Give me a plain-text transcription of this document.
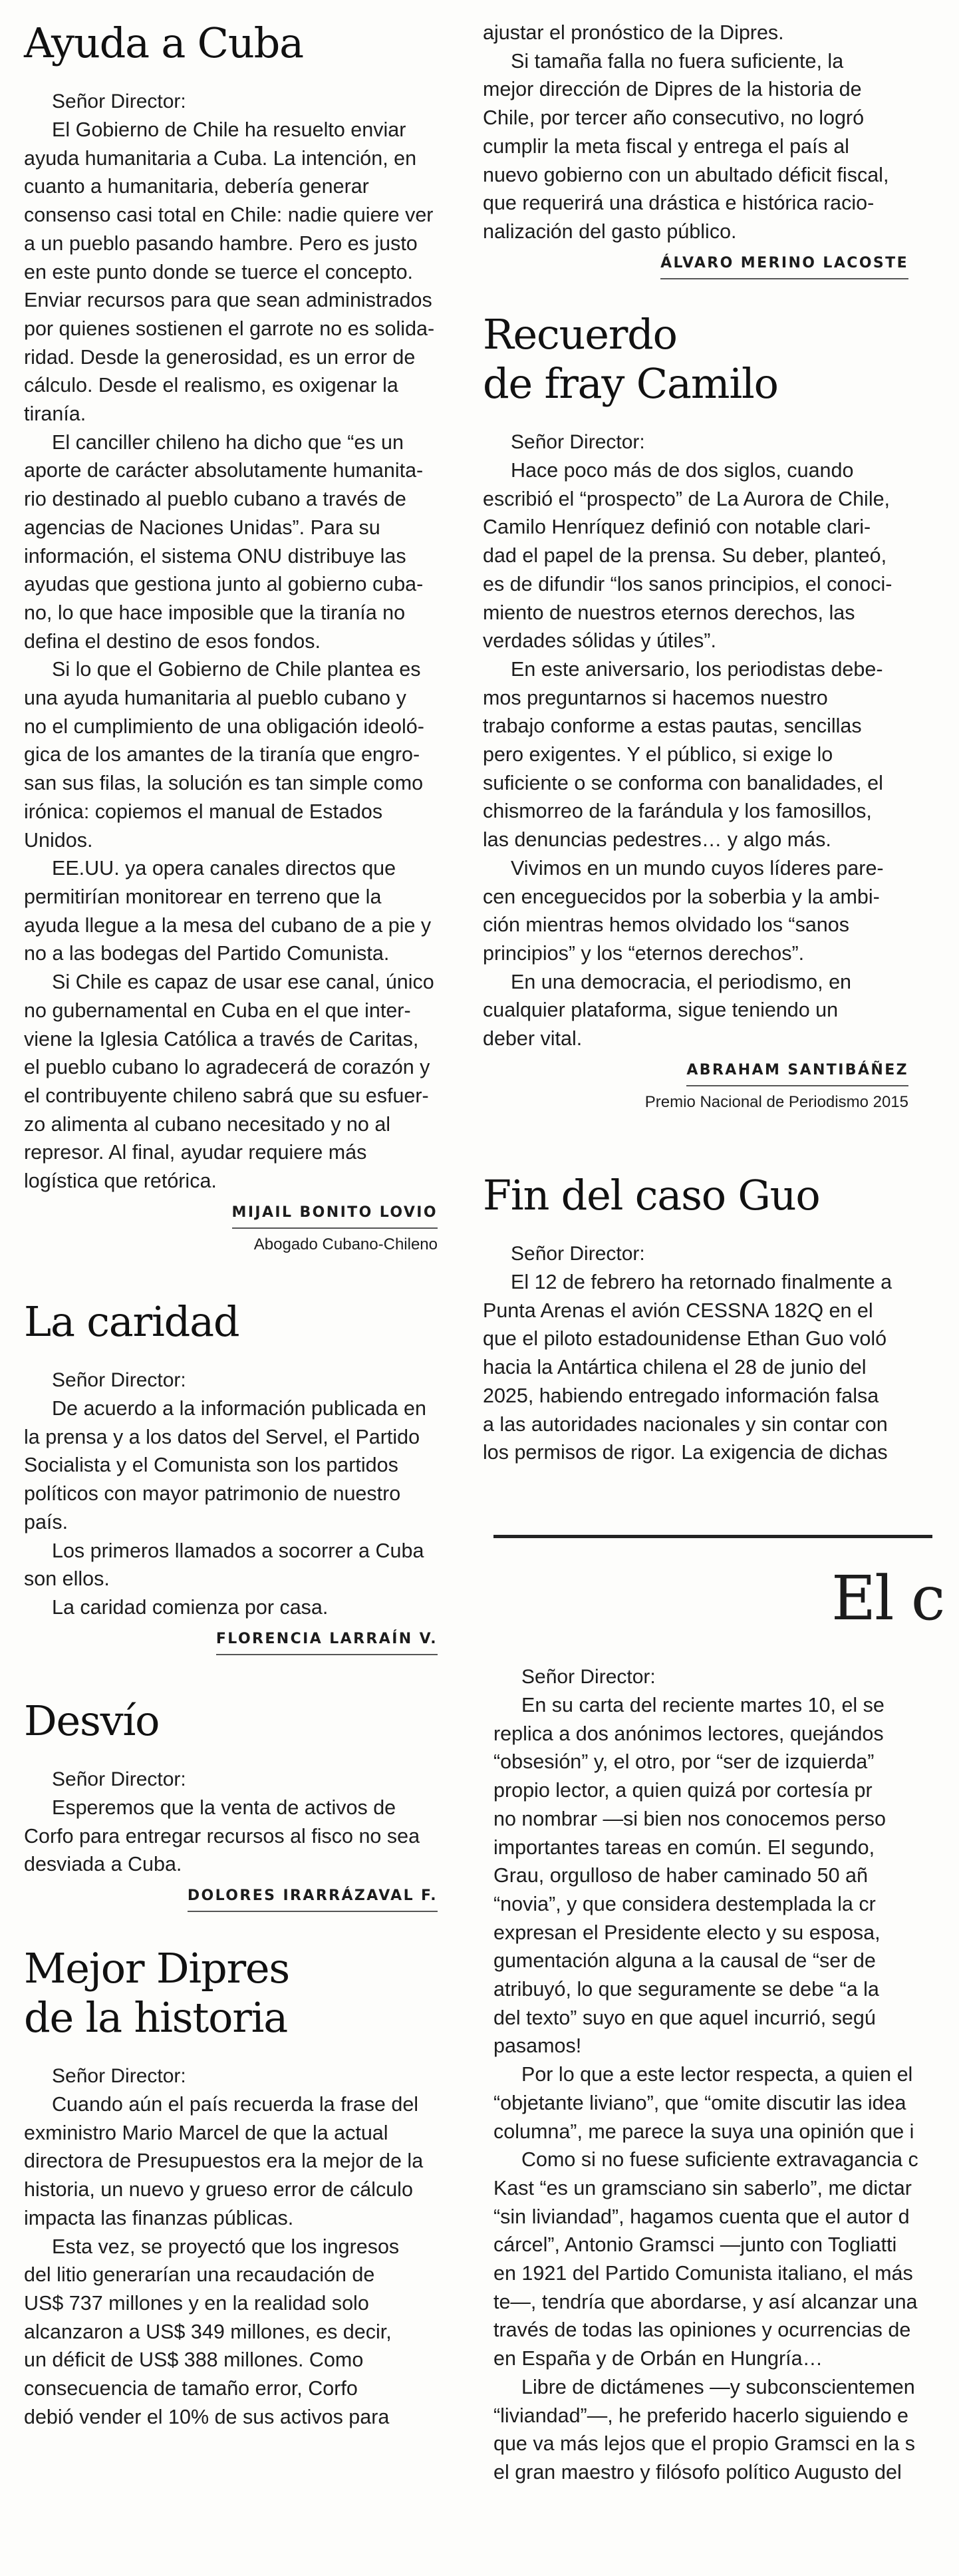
Ayuda a Cuba
Señor Director:
El Gobierno de Chile ha resuelto enviar
ayuda humanitaria a Cuba. La intención, en
cuanto a humanitaria, debería generar
consenso casi total en Chile: nadie quiere ver
a un pueblo pasando hambre. Pero es justo
en este punto donde se tuerce el concepto.
Enviar recursos para que sean administrados
por quienes sostienen el garrote no es solida-
ridad. Desde la generosidad, es un error de
cálculo. Desde el realismo, es oxigenar la
tiranía.
El canciller chileno ha dicho que “es un
aporte de carácter absolutamente humanita-
rio destinado al pueblo cubano a través de
agencias de Naciones Unidas”. Para su
información, el sistema ONU distribuye las
ayudas que gestiona junto al gobierno cuba-
no, lo que hace imposible que la tiranía no
defina el destino de esos fondos.
Si lo que el Gobierno de Chile plantea es
una ayuda humanitaria al pueblo cubano y
no el cumplimiento de una obligación ideoló-
gica de los amantes de la tiranía que engro-
san sus filas, la solución es tan simple como
irónica: copiemos el manual de Estados
Unidos.
EE.UU. ya opera canales directos que
permitirían monitorear en terreno que la
ayuda llegue a la mesa del cubano de a pie y
no a las bodegas del Partido Comunista.
Si Chile es capaz de usar ese canal, único
no gubernamental en Cuba en el que inter-
viene la Iglesia Católica a través de Caritas,
el pueblo cubano lo agradecerá de corazón y
el contribuyente chileno sabrá que su esfuer-
zo alimenta al cubano necesitado y no al
represor. Al final, ayudar requiere más
logística que retórica.
MIJAIL BONITO LOVIO
Abogado Cubano-Chileno
La caridad
Señor Director:
De acuerdo a la información publicada en
la prensa y a los datos del Servel, el Partido
Socialista y el Comunista son los partidos
políticos con mayor patrimonio de nuestro
país.
Los primeros llamados a socorrer a Cuba
son ellos.
La caridad comienza por casa.
FLORENCIA LARRAÍN V.
Desvío
Señor Director:
Esperemos que la venta de activos de
Corfo para entregar recursos al fisco no sea
desviada a Cuba.
DOLORES IRARRÁZAVAL F.
Mejor Dipres
de la historia
Señor Director:
Cuando aún el país recuerda la frase del
exministro Mario Marcel de que la actual
directora de Presupuestos era la mejor de la
historia, un nuevo y grueso error de cálculo
impacta las finanzas públicas.
Esta vez, se proyectó que los ingresos
del litio generarían una recaudación de
US$ 737 millones y en la realidad solo
alcanzaron a US$ 349 millones, es decir,
un déficit de US$ 388 millones. Como
consecuencia de tamaño error, Corfo
debió vender el 10% de sus activos para
ajustar el pronóstico de la Dipres.
Si tamaña falla no fuera suficiente, la
mejor dirección de Dipres de la historia de
Chile, por tercer año consecutivo, no logró
cumplir la meta fiscal y entrega el país al
nuevo gobierno con un abultado déficit fiscal,
que requerirá una drástica e histórica racio-
nalización del gasto público.
ÁLVARO MERINO LACOSTE
Recuerdo
de fray Camilo
Señor Director:
Hace poco más de dos siglos, cuando
escribió el “prospecto” de La Aurora de Chile,
Camilo Henríquez definió con notable clari-
dad el papel de la prensa. Su deber, planteó,
es de difundir “los sanos principios, el conoci-
miento de nuestros eternos derechos, las
verdades sólidas y útiles”.
En este aniversario, los periodistas debe-
mos preguntarnos si hacemos nuestro
trabajo conforme a estas pautas, sencillas
pero exigentes. Y el público, si exige lo
suficiente o se conforma con banalidades, el
chismorreo de la farándula y los famosillos,
las denuncias pedestres… y algo más.
Vivimos en un mundo cuyos líderes pare-
cen enceguecidos por la soberbia y la ambi-
ción mientras hemos olvidado los “sanos
principios” y los “eternos derechos”.
En una democracia, el periodismo, en
cualquier plataforma, sigue teniendo un
deber vital.
ABRAHAM SANTIBÁÑEZ
Premio Nacional de Periodismo 2015
Fin del caso Guo
Señor Director:
El 12 de febrero ha retornado finalmente a
Punta Arenas el avión CESSNA 182Q en el
que el piloto estadounidense Ethan Guo voló
hacia la Antártica chilena el 28 de junio del
2025, habiendo entregado información falsa
a las autoridades nacionales y sin contar con
los permisos de rigor. La exigencia de dichas
El c
Señor Director:
En su carta del reciente martes 10, el se
replica a dos anónimos lectores, quejándos
“obsesión” y, el otro, por “ser de izquierda”
propio lector, a quien quizá por cortesía pr
no nombrar —si bien nos conocemos perso
importantes tareas en común. El segundo,
Grau, orgulloso de haber caminado 50 añ
“novia”, y que considera destemplada la cr
expresan el Presidente electo y su esposa,
gumentación alguna a la causal de “ser de
atribuyó, lo que seguramente se debe “a la
del texto” suyo en que aquel incurrió, segú
pasamos!
Por lo que a este lector respecta, a quien el
“objetante liviano”, que “omite discutir las idea
columna”, me parece la suya una opinión que i
Como si no fuese suficiente extravagancia c
Kast “es un gramsciano sin saberlo”, me dictar
“sin liviandad”, hagamos cuenta que el autor d
cárcel”, Antonio Gramsci —junto con Togliatti
en 1921 del Partido Comunista italiano, el más
te—, tendría que abordarse, y así alcanzar una
través de todas las opiniones y ocurrencias de
en España y de Orbán en Hungría…
Libre de dictámenes —y subconscientemen
“liviandad”—, he preferido hacerlo siguiendo e
que va más lejos que el propio Gramsci en la s
el gran maestro y filósofo político Augusto del
